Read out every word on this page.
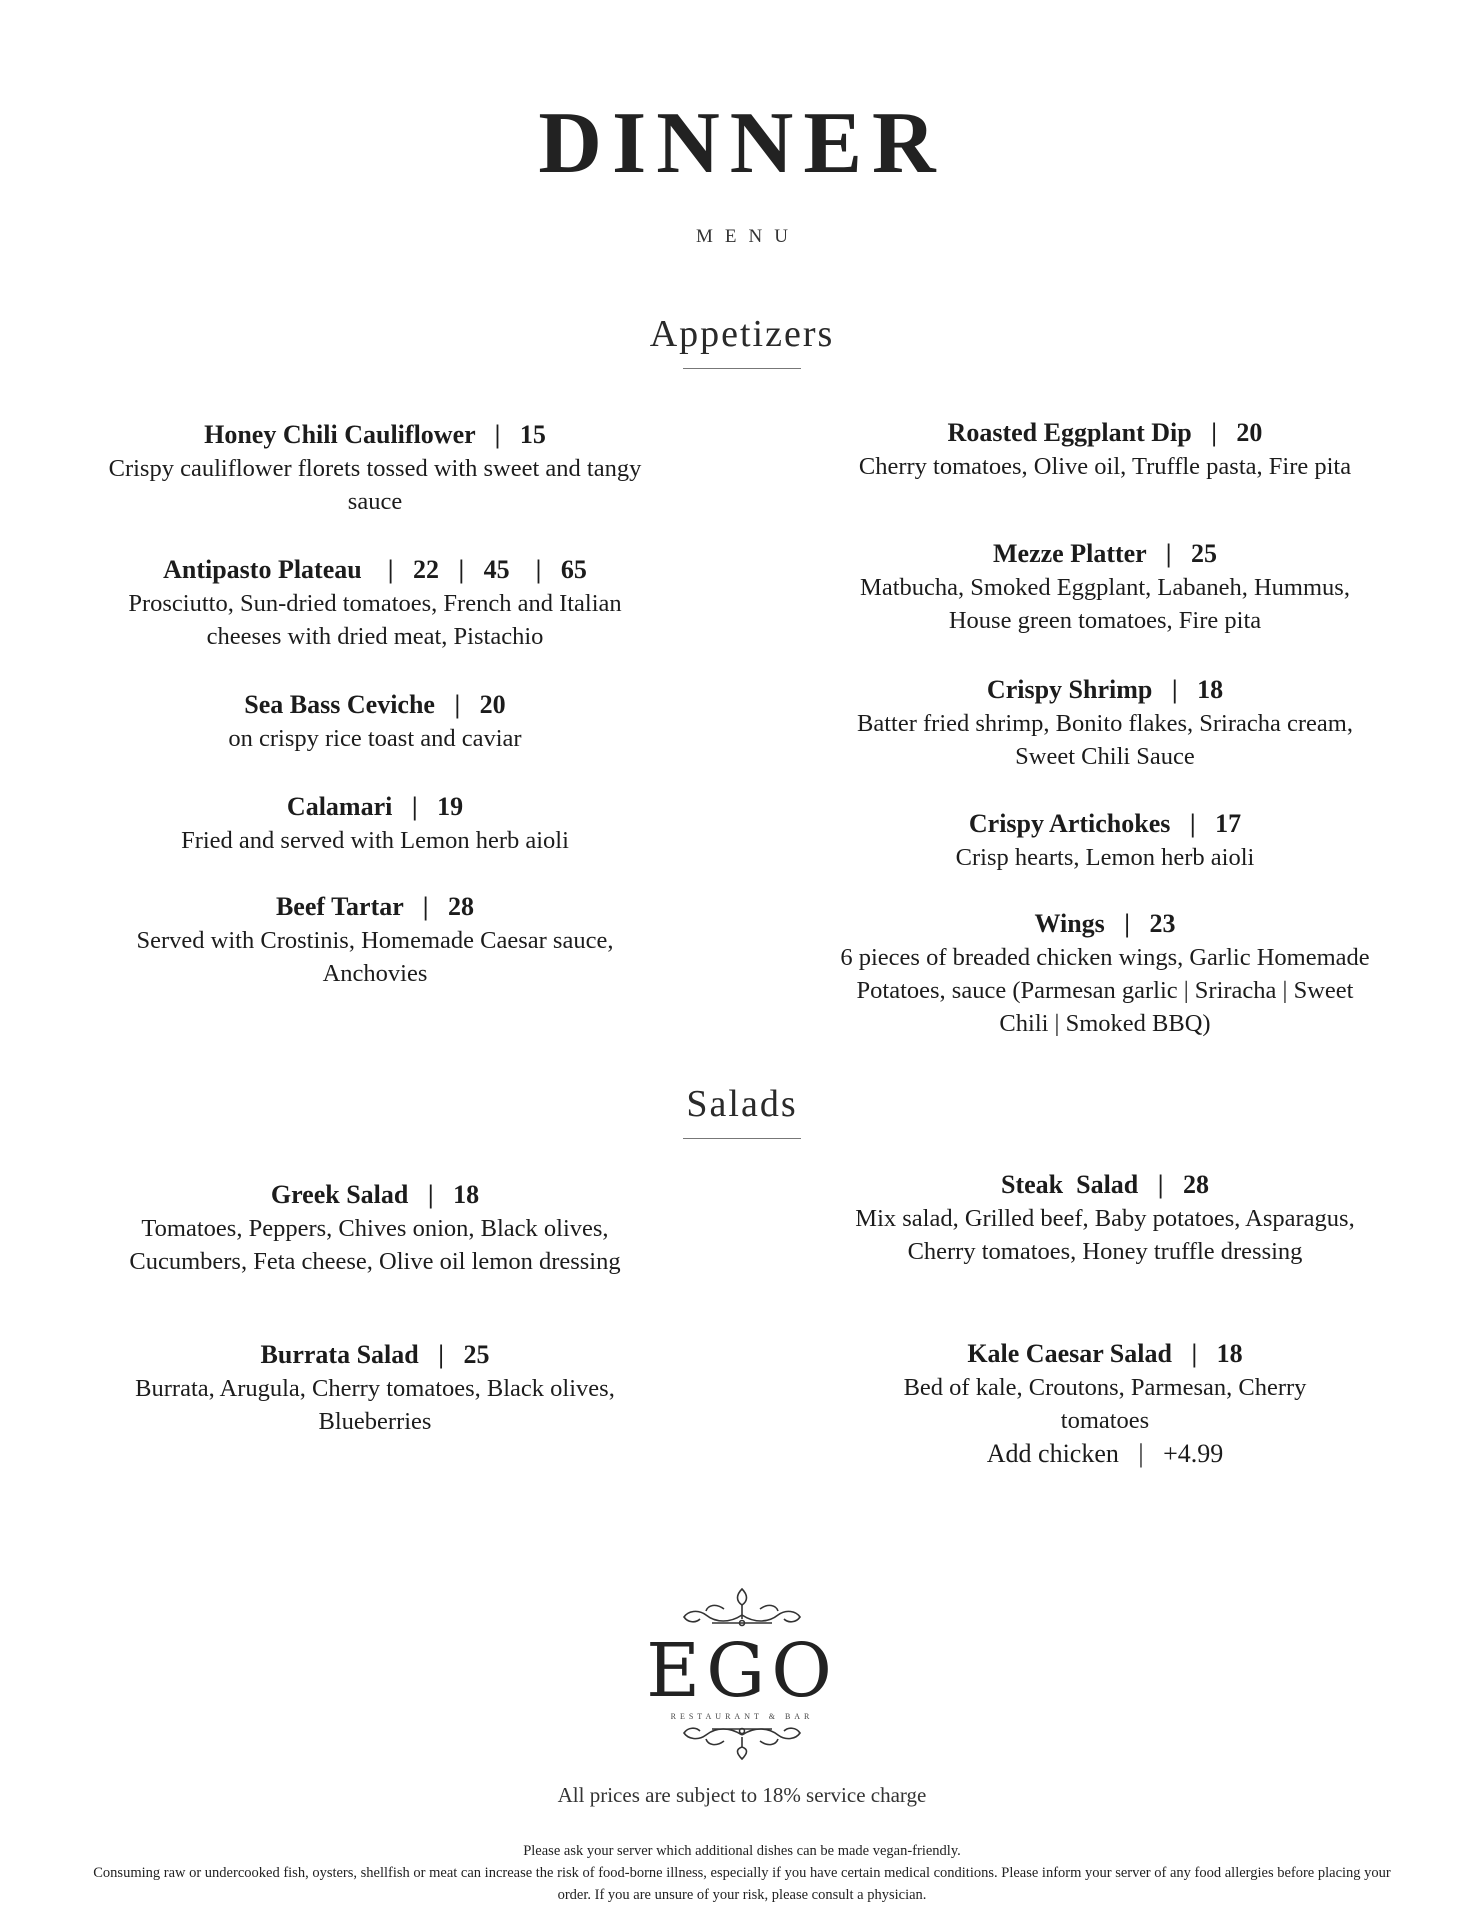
DINNER
MENU
Appetizers
Honey Chili Cauliflower   |   15
Crispy cauliflower florets tossed with sweet and tangy sauce
Antipasto Plateau    |   22   |   45    |   65
Prosciutto, Sun-dried tomatoes, French and Italian cheeses with dried meat, Pistachio
Sea Bass Ceviche   |   20
on crispy rice toast and caviar
Calamari   |   19
Fried and served with Lemon herb aioli
Beef Tartar   |   28
Served with Crostinis, Homemade Caesar sauce, Anchovies
Roasted Eggplant Dip   |   20
Cherry tomatoes, Olive oil, Truffle pasta, Fire pita
Mezze Platter   |   25
Matbucha, Smoked Eggplant, Labaneh, Hummus, House green tomatoes, Fire pita
Crispy Shrimp   |   18
Batter fried shrimp, Bonito flakes, Sriracha cream, Sweet Chili Sauce
Crispy Artichokes   |   17
Crisp hearts, Lemon herb aioli
Wings   |   23
6 pieces of breaded chicken wings, Garlic Homemade Potatoes, sauce (Parmesan garlic | Sriracha | Sweet Chili | Smoked BBQ)
Salads
Greek Salad   |   18
Tomatoes, Peppers, Chives onion, Black olives, Cucumbers, Feta cheese, Olive oil lemon dressing
Burrata Salad   |   25
Burrata, Arugula, Cherry tomatoes, Black olives, Blueberries
Steak  Salad   |   28
Mix salad, Grilled beef, Baby potatoes, Asparagus, Cherry tomatoes, Honey truffle dressing
Kale Caesar Salad   |   18
Bed of kale, Croutons, Parmesan, Cherry tomatoes
Add chicken   |   +4.99
EGO
RESTAURANT & BAR
All prices are subject to 18% service charge
Please ask your server which additional dishes can be made vegan-friendly.
Consuming raw or undercooked fish, oysters, shellfish or meat can increase the risk of food-borne illness, especially if you have certain medical conditions. Please inform your server of any food allergies before placing your order. If you are unsure of your risk, please consult a physician.
